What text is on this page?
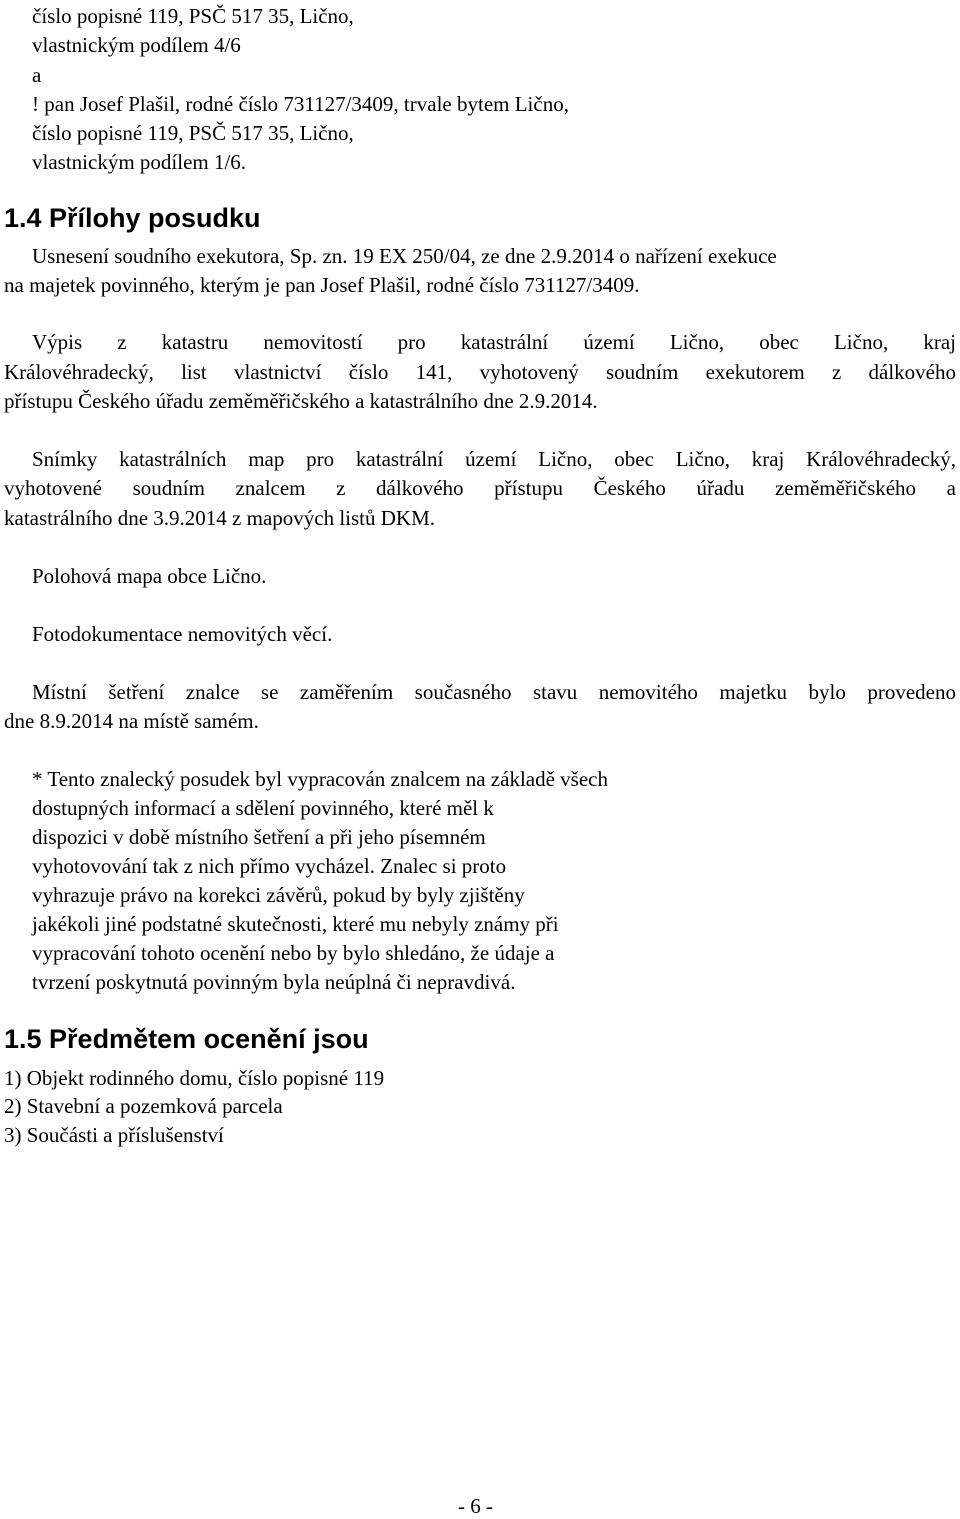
číslo popisné 119, PSČ 517 35, Lično,
vlastnickým podílem 4/6
a
! pan Josef Plašil, rodné číslo 731127/3409, trvale bytem Lično,
číslo popisné 119, PSČ 517 35, Lično,
vlastnickým podílem 1/6.
1.4 Přílohy posudku
Usnesení soudního exekutora, Sp. zn. 19 EX 250/04, ze dne 2.9.2014 o nařízení exekuce
na majetek povinného, kterým je pan Josef Plašil, rodné číslo 731127/3409.
Výpis z katastru nemovitostí pro katastrální území Lično, obec Lično, kraj
Královéhradecký, list vlastnictví číslo 141, vyhotovený soudním exekutorem z dálkového
přístupu Českého úřadu zeměměřičského a katastrálního dne 2.9.2014.
Snímky katastrálních map pro katastrální území Lično, obec Lično, kraj Královéhradecký,
vyhotovené soudním znalcem z dálkového přístupu Českého úřadu zeměměřičského a
katastrálního dne 3.9.2014 z mapových listů DKM.
Polohová mapa obce Lično.
Fotodokumentace nemovitých věcí.
Místní šetření znalce se zaměřením současného stavu nemovitého majetku bylo provedeno
dne 8.9.2014 na místě samém.
* Tento znalecký posudek byl vypracován znalcem na základě všech
dostupných informací a sdělení povinného, které měl k
dispozici v době místního šetření a při jeho písemném
vyhotovování tak z nich přímo vycházel. Znalec si proto
vyhrazuje právo na korekci závěrů, pokud by byly zjištěny
jakékoli jiné podstatné skutečnosti, které mu nebyly známy při
vypracování tohoto ocenění nebo by bylo shledáno, že údaje a
tvrzení poskytnutá povinným byla neúplná či nepravdivá.
1.5 Předmětem ocenění jsou
1) Objekt rodinného domu, číslo popisné 119
2) Stavební a pozemková parcela
3) Součásti a příslušenství
- 6 -
